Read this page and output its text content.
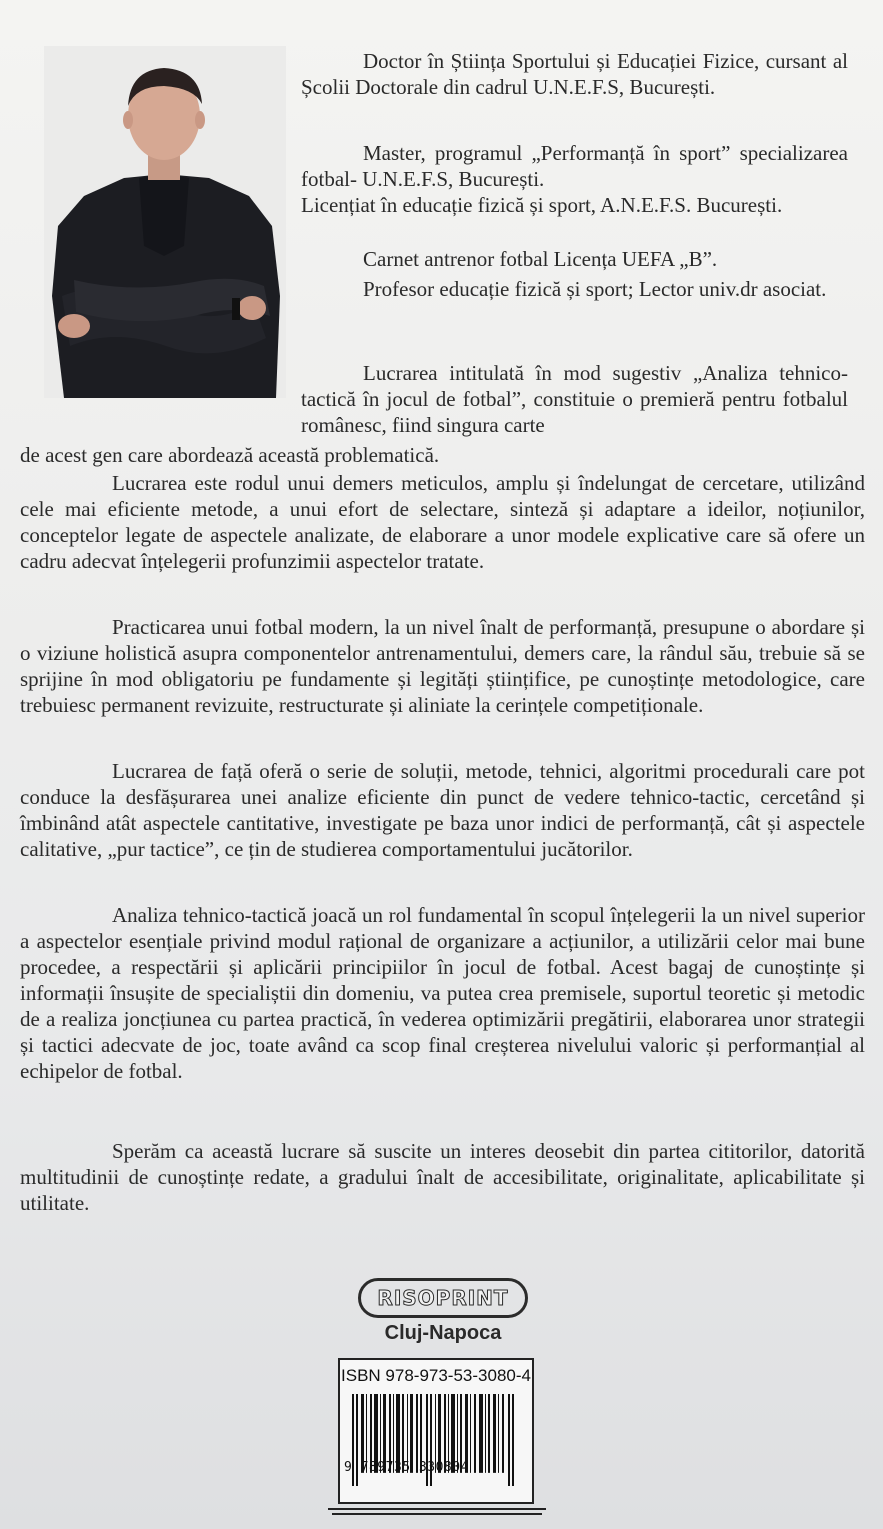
Doctor în Știința Sportului și Educației Fizice, cursant al Școlii Doctorale din cadrul U.N.E.F.S, București.

Master, programul „Performanță în sport” specializarea fotbal- U.N.E.F.S, București.

Licențiat în educație fizică și sport, A.N.E.F.S. București.

Carnet antrenor fotbal Licența UEFA „B”.

Profesor educație fizică și sport; Lector univ.dr asociat.

Lucrarea intitulată în mod sugestiv „Analiza tehnico-tactică în jocul de fotbal”, constituie o premieră pentru fotbalul românesc, fiind singura carte

de acest gen care abordează această problematică.

Lucrarea este rodul unui demers meticulos, amplu și îndelungat de cercetare, utilizând cele mai eficiente metode, a unui efort de selectare, sinteză și adaptare a ideilor, noțiunilor, conceptelor legate de aspectele analizate, de elaborare a unor modele explicative care să ofere un cadru adecvat înțelegerii profunzimii aspectelor tratate.

Practicarea unui fotbal modern, la un nivel înalt de performanță, presupune o abordare și o viziune holistică asupra componentelor antrenamentului, demers care, la rândul său, trebuie să se sprijine în mod obligatoriu pe fundamente și legități științifice, pe cunoștințe metodologice, care trebuiesc permanent revizuite, restructurate și aliniate la cerințele competiționale.

Lucrarea de față oferă o serie de soluții, metode, tehnici, algoritmi procedurali care pot conduce la desfășurarea unei analize eficiente din punct de vedere tehnico-tactic, cercetând și îmbinând atât aspectele cantitative, investigate pe baza unor indici de performanță, cât și aspectele calitative, „pur tactice”, ce țin de studierea comportamentului jucătorilor.

Analiza tehnico-tactică joacă un rol fundamental în scopul înțelegerii la un nivel superior a aspectelor esențiale privind modul rațional de organizare a acțiunilor, a utilizării celor mai bune procedee, a respectării și aplicării principiilor în jocul de fotbal. Acest bagaj de cunoștințe și informații însușite de specialiștii din domeniu, va putea crea premisele, suportul teoretic și metodic de a realiza joncțiunea cu partea practică, în vederea optimizării pregătirii, elaborarea unor strategii și tactici adecvate de joc, toate având ca scop final creșterea nivelului valoric și performanțial al echipelor de fotbal.

Sperăm ca această lucrare să suscite un interes deosebit din partea cititorilor, datorită multitudinii de cunoștințe redate, a gradului înalt de accesibilitate, originalitate, aplicabilitate și utilitate.

RISOPRINT
Cluj-Napoca
ISBN 978-973-53-3080-4
9 789735 330804
